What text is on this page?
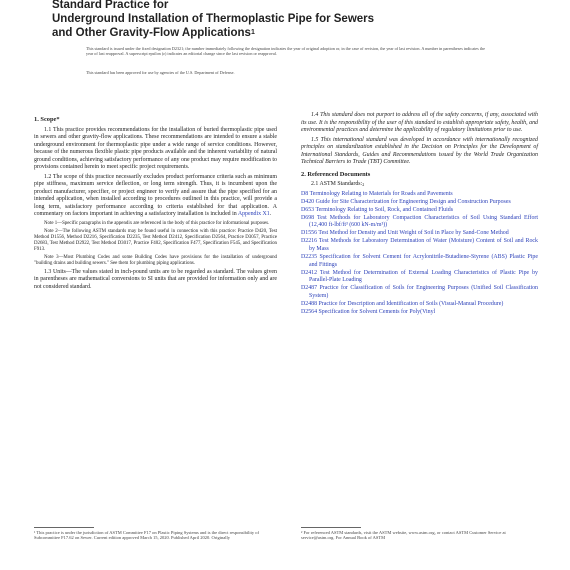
Standard Practice for
Underground Installation of Thermoplastic Pipe for Sewers
and Other Gravity-Flow Applications$^1$
This standard is issued under the fixed designation D2321; the number immediately following the designation indicates the year of original adoption or, in the case of revision, the year of last revision. A number in parentheses indicates the year of last reapproval. A superscript epsilon (ε) indicates an editorial change since the last revision or reapproval.
This standard has been approved for use by agencies of the U.S. Department of Defense.
1. Scope*
1.1 This practice provides recommendations for the installation of buried thermoplastic pipe used in sewers and other gravity-flow applications. These recommendations are intended to ensure a stable underground environment for thermoplastic pipe under a wide range of service conditions. However, because of the numerous flexible plastic pipe products available and the inherent variability of natural ground conditions, achieving satisfactory performance of any one product may require modification to provisions contained herein to meet specific project requirements.
1.2 The scope of this practice necessarily excludes product performance criteria such as minimum pipe stiffness, maximum service deflection, or long term strength. Thus, it is incumbent upon the product manufacturer, specifier, or project engineer to verify and assure that the pipe specified for an intended application, when installed according to procedures outlined in this practice, will provide a long term, satisfactory performance according to criteria established for that application. A commentary on factors important in achieving a satisfactory installation is included in Appendix X1.
Note 1—Specific paragraphs in the appendix are referenced in the body of this practice for informational purposes.
Note 2—The following ASTM standards may be found useful in connection with this practice: Practice D420, Test Method D1556, Method D2216, Specification D2235, Test Method D2412, Specification D2564, Practice D3057, Practice D2683, Test Method D2922, Test Method D3017, Practice F402, Specification F477, Specification F545, and Specification F913.
Note 3—Most Plumbing Codes and some Building Codes have provisions for the installation of underground "building drains and building sewers." See them for plumbing piping applications.
1.3 Units—The values stated in inch-pound units are to be regarded as standard. The values given in parentheses are mathematical conversions to SI units that are provided for information only and are not considered standard.
1.4 This standard does not purport to address all of the safety concerns, if any, associated with its use. It is the responsibility of the user of this standard to establish appropriate safety, health, and environmental practices and determine the applicability of regulatory limitations prior to use.
1.5 This international standard was developed in accordance with internationally recognized principles on standardization established in the Decision on Principles for the Development of International Standards, Guides and Recommendations issued by the World Trade Organization Technical Barriers to Trade (TBT) Committee.
2. Referenced Documents
2.1 ASTM Standards:$^2$
D8 Terminology Relating to Materials for Roads and Pavements
D420 Guide for Site Characterization for Engineering Design and Construction Purposes
D653 Terminology Relating to Soil, Rock, and Contained Fluids
D698 Test Methods for Laboratory Compaction Characteristics of Soil Using Standard Effort (12,400 ft-lbf/ft³ (600 kN-m/m³))
D1556 Test Method for Density and Unit Weight of Soil in Place by Sand-Cone Method
D2216 Test Methods for Laboratory Determination of Water (Moisture) Content of Soil and Rock by Mass
D2235 Specification for Solvent Cement for Acrylonitrile-Butadiene-Styrene (ABS) Plastic Pipe and Fittings
D2412 Test Method for Determination of External Loading Characteristics of Plastic Pipe by Parallel-Plate Loading
D2487 Practice for Classification of Soils for Engineering Purposes (Unified Soil Classification System)
D2488 Practice for Description and Identification of Soils (Visual-Manual Procedure)
D2564 Specification for Solvent Cements for Poly(Vinyl
¹ This practice is under the jurisdiction of ASTM Committee F17 on Plastic Piping Systems and is the direct responsibility of Subcommittee F17.62 on Sewer. Current edition approved March 15, 2020. Published April 2020. Originally
² For referenced ASTM standards, visit the ASTM website, www.astm.org, or contact ASTM Customer Service at service@astm.org. For Annual Book of ASTM
